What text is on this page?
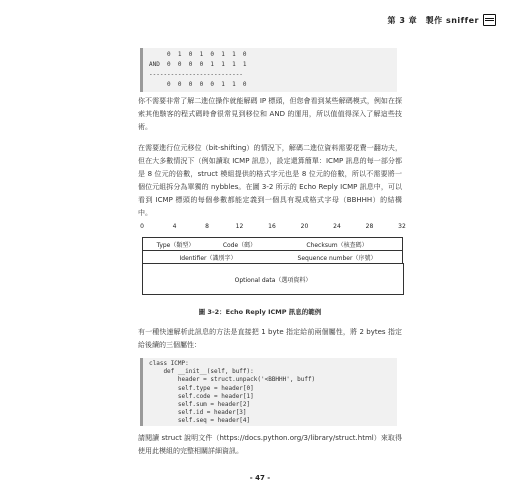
第 3 章　製作 sniffer
0  1  0  1  0  1  1  0
AND  0  0  0  0  1  1  1  1
--------------------------
0  0  0  0  0  1  1  0
你不需要非常了解二進位操作就能解碼 IP 標頭，但您會看到某些解碼模式，例如在探索其他駭客的程式碼時會很常見到移位和 AND 的運用，所以值值得深入了解這些技術。
在需要進行位元移位（bit-shifting）的情況下，解碼二進位資料需要花費一翻功夫，但在大多數情況下（例如讀取 ICMP 訊息），設定還算簡單：ICMP 訊息的每一部分都是 8 位元的倍數，struct 模組提供的格式字元也是 8 位元的倍數，所以不需要將一個位元組拆分為單獨的 nybbles。在圖 3-2 所示的 Echo Reply ICMP 訊息中，可以看到 ICMP 標頭的每個參數都能定義到一個具有現成格式字母（BBHHH）的結構中。
0	4	8	12	16	20	24	28	32
Type（類型）	Code（碼）	Checksum（核查碼）
Identifier（識別字）	Sequence number（序號）
Optional data（選項資料）
圖 3-2：Echo Reply ICMP 訊息的範例
有一種快速解析此訊息的方法是直接把 1 byte 指定給前兩個屬性，將 2 bytes 指定給後續的三個屬性：
class ICMP:
def __init__(self, buff):
header = struct.unpack('<BBHHH', buff)
self.type = header[0]
self.code = header[1]
self.sum = header[2]
self.id = header[3]
self.seq = header[4]
請閱讀 struct 說明文件（https://docs.python.org/3/library/struct.html）來取得使用此模組的完整相關詳細資訊。
- 47 -
